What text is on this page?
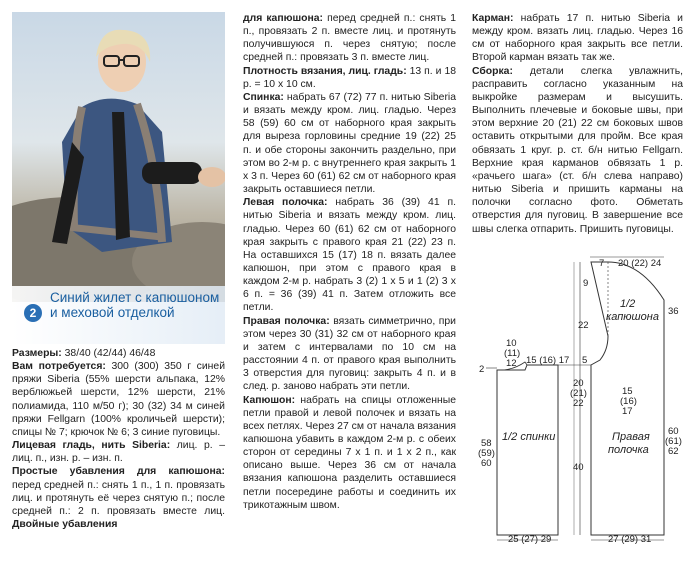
2
Синий жилет с капюшоном и меховой отделкой

Размеры: 38/40 (42/44) 46/48

Вам потребуется: 300 (300) 350 г синей пряжи Siberia (55% шерсти альпака, 12% верблюжьей шерсти, 12% шерсти, 21% полиамида, 110 м/50 г); 30 (32) 34 м синей пряжи Fellgarn (100% кроличьей шерсти); спицы № 7; крючок № 6; 3 синие пуговицы.

Лицевая гладь, нить Siberia: лиц. р. – лиц. п., изн. р. – изн. п.

Простые убавления для капюшона: перед средней п.: снять 1 п., 1 п. провязать лиц. и протянуть её через снятую п.; после средней п.: 2 п. провязать вместе лиц. Двойные убавления

для капюшона: перед средней п.: снять 1 п., провязать 2 п. вместе лиц. и протянуть получившуюся п. через снятую; после средней п.: провязать 3 п. вместе лиц.

Плотность вязания, лиц. гладь: 13 п. и 18 р. = 10 х 10 см.

Спинка: набрать 67 (72) 77 п. нитью Siberia и вязать между кром. лиц. гладью. Через 58 (59) 60 см от наборного края закрыть для выреза горловины средние 19 (22) 25 п. и обе стороны закончить раздельно, при этом во 2-м р. с внутреннего края закрыть 1 х 3 п. Через 60 (61) 62 см от наборного края закрыть оставшиеся петли.

Левая полочка: набрать 36 (39) 41 п. нитью Siberia и вязать между кром. лиц. гладью. Через 60 (61) 62 см от наборного края закрыть с правого края 21 (22) 23 п. На оставшихся 15 (17) 18 п. вязать далее капюшон, при этом с правого края в каждом 2-м р. набрать 3 (2) 1 х 5 и 1 (2) 3 х 6 п. = 36 (39) 41 п. Затем отложить все петли.

Правая полочка: вязать симметрично, при этом через 30 (31) 32 см от наборного края и затем с интервалами по 10 см на расстоянии 4 п. от правого края выполнить 3 отверстия для пуговиц: закрыть 4 п. и в след. р. заново набрать эти петли.

Капюшон: набрать на спицы отложенные петли правой и левой полочек и вязать на всех петлях. Через 27 см от начала вязания капюшона убавить в каждом 2-м р. с обеих сторон от середины 7 х 1 п. и 1 х 2 п., как описано выше. Через 36 см от начала вязания капюшона разделить оставшиеся петли посередине работы и соединить их трикотажным швом.

Карман: набрать 17 п. нитью Siberia и между кром. вязать лиц. гладью. Через 16 см от наборного края закрыть все петли. Второй карман вязать так же.

Сборка: детали слегка увлажнить, расправить согласно указанным на выкройке размерам и высушить. Выполнить плечевые и боковые швы, при этом верхние 20 (21) 22 см боковых швов оставить открытыми для пройм. Все края обвязать 1 круг. р. ст. б/н нитью Fellgarn. Верхние края карманов обвязать 1 р. «рачьего шага» (ст. б/н слева направо) нитью Siberia и пришить карманы на полочки согласно фото. Обметать отверстия для пуговиц. В завершение все швы слегка отпарить. Пришить пуговицы.

7 20 (22) 24
36
9
22
10
(11)
12 15 (16) 17 5
2
20
(21)
22
15
(16)
17
58
(59)
60	40
60
(61)
62
25 (27) 29	27 (29) 31
1/2 спинки
1/2
капюшона
Правая
полочка
